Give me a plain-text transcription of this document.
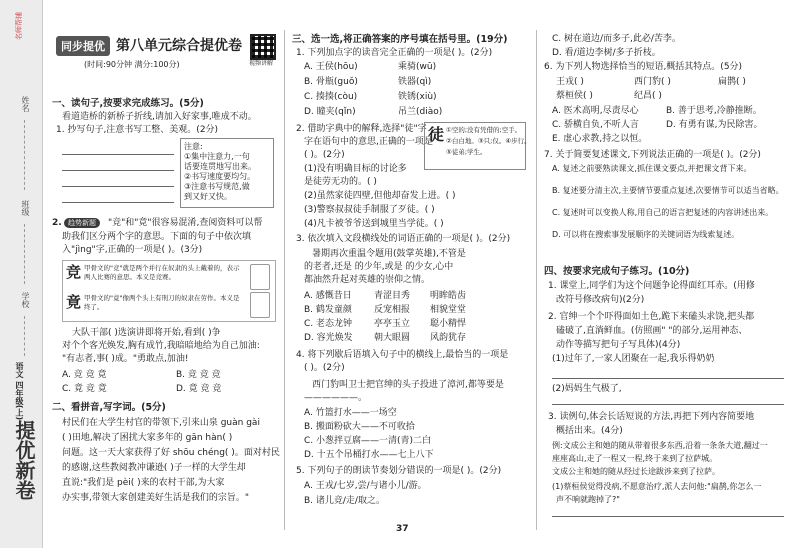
名师帮辅
姓名
班级
学校
语文 四年级(上)
提优新卷
同步提优 第八单元综合提优卷
(时间:90分钟 满分:100分)	视频讲解
一、读句子,按要求完成练习。(5分)
看道造桥的新桥子折线,请加入好家事,唯成不动。
1. 抄写句子,注意书写工整、美观。(2分)
注意:
①集中注意力,一句
话要连贯地写出来。
②书写速度要均匀。
③注意书写规范,做
到又好又快。
2. 趋势新题	"竞"和"竟"很容易混淆,查阅资料可以帮
助我们区分两个字的意思。下面的句子中依次填
入"jìng"字,正确的一项是( )。(3分)
竞 甲骨文的"竞"就是两个并行在奴隶的头上戴着的，表示两人比赛的意思。本义是竞赛。
竟 甲骨文的"竟"像两个头上有刑刀的奴隶在劳作。本义是终了。
大队干部( )选演讲即将开始,看到( )争
对个个客光焕发,胸有成竹,我暗暗地给为自己加油:
"有志者,事( )成。"勇敢点,加油!
A. 竞 竞 竟	B. 竞 竞 竞
C. 竟 竞 竟	D. 竟 竞 竞
二、看拼音,写字词。(5分)
村民们在大学生村官的带领下,引来山泉 guàn gài
( )田地,解决了困扰大家多年的 gān hàn( )
问题。这一天大家获得了好 shōu chéng( )。面对村民
的感谢,这些教阅教冲谦逊( )子一样的大学生却
直说:"我们是 pèi( )来的农村干部,为大家
办实事,带领大家创建美好生活是我们的宗旨。"
三、选一选,将正确答案的序号填在括号里。(19分)
1. 下列加点字的读音完全正确的一项是( )。(2分)
A. 王侯(hōu)	乘骑(wū)
B. 骨瓶(guǒ)	铁器(qì)
C. 揍揍(còu)	铁锈(xiù)
D. 瞳夹(qǐn)	吊兰(diào)
2. 借助字典中的解释,选择"徒"字
字在语句中的意思,正确的一项是
( )。(2分)
徒 ①空的;没有凭借的;空手。
②白白地。③只;仅。④步行。
⑤徒弟;学生。
(1)没有明确目标的讨论多
是徒劳无功的。( )
(2)虽然家徒四壁,但他却奋发上进。( )
(3)警察叔叔徒手制服了歹徒。( )
(4)凡卡被爷爷送到城里当学徒。( )
3. 依次填入文段横线处的词语正确的一项是( )。(2分)
暑期再次重温令题用(鼓掌英雄),不管是
的老者,还是 的少年,或是 的少女,心中
都油然升起对英雄的崇仰之情。
A. 感慨昔日 青涩目秀 明眸皓齿
B. 鹤发童颜 反宠相报 相貌堂堂
C. 老态龙钟 亭亭玉立 聪小精悍
D. 容光焕发 朝大眼圆 风韵犹存
4. 将下列歇后语填入句子中的横线上,最恰当的一项是
( )。(2分)
西门豹叫卫士把官绅的头子投进了漳河,都等要是
——————。
A. 竹篮打水——一场空
B. 搬面粉砍大——不可收拾
C. 小葱拌豆腐——一清(青)二白
D. 十五个吊桶打水——七上八下
5. 下列句子的朗读节奏划分错误的一项是( )。(2分)
A. 王戎/七岁,尝/与诸小儿/游。
B. 诸儿竞/走/取之。
37
C. 树在道边/而多子,此必/苦李。
D. 看/道边李树/多子折枝。
6. 为下列人物选择恰当的短语,概括其特点。(5分)
王戎( )	西门豹( )	扁鹊( )
蔡桓侯( )	纪昌( )
A. 医术高明,尽责尽心	B. 善于思考,冷静推断。
C. 骄横自负,不听人言	D. 有勇有谋,为民除害。
E. 虚心求教,持之以恒。
7. 关于简要复述课文,下列说法正确的一项是( )。(2分)
A. 复述之前要熟读课文,抓住课文要点,并把课文背下来。
B. 复述要分清主次,主要情节要重点复述,次要情节可以适当省略。
C. 复述时可以变换人称,用自己的语言把复述的内容讲述出来。
D. 可以将在搜索事发展顺序的关键词语为线索复述。
四、按要求完成句子练习。(10分)
1. 课堂上,同学们为这个问题争论得面红耳赤。(用修
改符号修改病句)(2分)
2. 官绅一个个吓得面如土色,跪下来磕头求饶,把头都
磕破了,直淌鲜血。(仿照画" "的部分,运用神态、
动作等描写把句子写具体)(4分)
(1)过年了,一家人团聚在一起,我乐得奶奶
(2)妈妈生气极了,
3. 读例句,体会长话短说的方法,再把下列内容简要地
概括出来。(4分)
例:文成公主和她的随从带着很多东西,沿着一条条大道,翻过一
座座高山,走了一程又一程,终于来到了拉萨城。
文成公主和她的随从经过长途跋涉来到了拉萨。
(1)蔡桓侯觉得没病,不愿意治疗,派人去问他:"扁鹊,你怎么一
声不响就跑掉了?"
